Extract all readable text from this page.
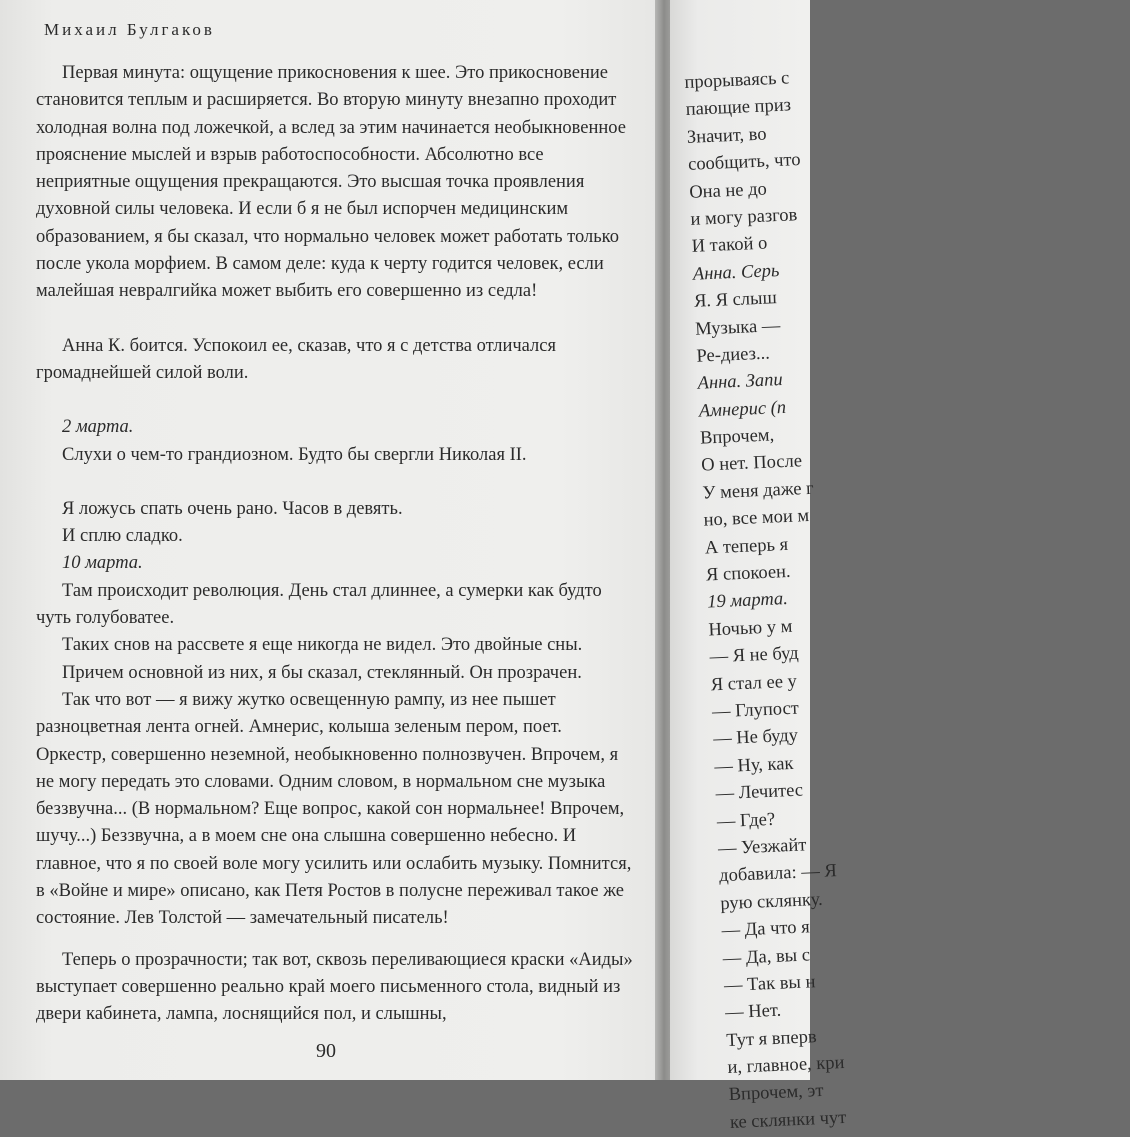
Михаил Булгаков

Первая минута: ощущение прикосновения к шее. Это прикосновение становится теплым и расширяется. Во вторую минуту внезапно проходит холодная волна под ложечкой, а вслед за этим начинается необыкновенное прояснение мыслей и взрыв работоспособности. Абсолютно все неприятные ощущения прекращаются. Это высшая точка проявления духовной силы человека. И если б я не был испорчен медицинским образованием, я бы сказал, что нормально человек может работать только после укола морфием. В самом деле: куда к черту годится человек, если малейшая невралгийка может выбить его совершенно из седла!

Анна К. боится. Успокоил ее, сказав, что я с детства отличался громаднейшей силой воли.

2 марта.

Слухи о чем-то грандиозном. Будто бы свергли Николая II.

Я ложусь спать очень рано. Часов в девять.

И сплю сладко.

10 марта.

Там происходит революция. День стал длиннее, а сумерки как будто чуть голубоватее.

Таких снов на рассвете я еще никогда не видел. Это двойные сны.

Причем основной из них, я бы сказал, стеклянный. Он прозрачен.

Так что вот — я вижу жутко освещенную рампу, из нее пышет разноцветная лента огней. Амнерис, колыша зеленым пером, поет. Оркестр, совершенно неземной, необыкновенно полнозвучен. Впрочем, я не могу передать это словами. Одним словом, в нормальном сне музыка беззвучна... (В нормальном? Еще вопрос, какой сон нормальнее! Впрочем, шучу...) Беззвучна, а в моем сне она слышна совершенно небесно. И главное, что я по своей воле могу усилить или ослабить музыку. Помнится, в «Войне и мире» описано, как Петя Ростов в полусне переживал такое же состояние. Лев Толстой — замечательный писатель!

Теперь о прозрачности; так вот, сквозь переливающиеся краски «Аиды» выступает совершенно реально край моего письменного стола, видный из двери кабинета, лампа, лоснящийся пол, и слышны,

90
прорываясь с
пающие приз
Значит, во
сообщить, что
Она не до
и могу разгов
И такой о
Анна. Серь
Я. Я слыш
Музыка —
Ре-диез...
Анна. Запи
Амнерис (п
Впрочем,
О нет. После
У меня даже г
но, все мои м
А теперь я
Я спокоен.
19 марта.
Ночью у м
— Я не буд
Я стал ее у
— Глупост
— Не буду
— Ну, как
— Лечитес
— Где?
— Уезжайт
добавила: — Я
рую склянку.
— Да что я
— Да, вы с
— Так вы н
— Нет.
Тут я вперв
и, главное, кри
Впрочем, эт
ке склянки чут
